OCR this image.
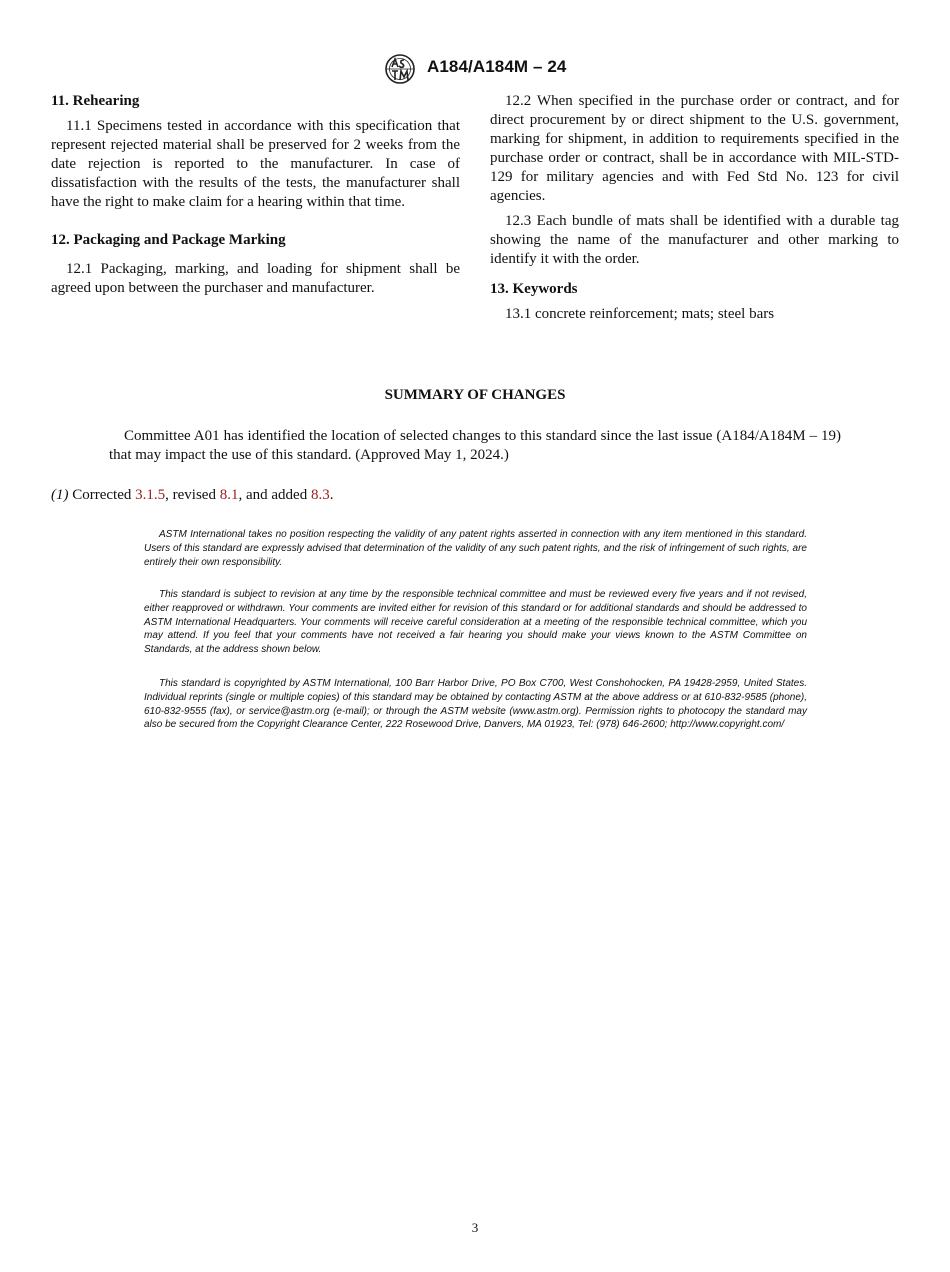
A184/A184M – 24
11. Rehearing

11.1 Specimens tested in accordance with this specification that represent rejected material shall be preserved for 2 weeks from the date rejection is reported to the manufacturer. In case of dissatisfaction with the results of the tests, the manufacturer shall have the right to make claim for a hearing within that time.

12. Packaging and Package Marking

12.1 Packaging, marking, and loading for shipment shall be agreed upon between the purchaser and manufacturer.

12.2 When specified in the purchase order or contract, and for direct procurement by or direct shipment to the U.S. government, marking for shipment, in addition to requirements specified in the purchase order or contract, shall be in accordance with MIL-STD-129 for military agencies and with Fed Std No. 123 for civil agencies.

12.3 Each bundle of mats shall be identified with a durable tag showing the name of the manufacturer and other marking to identify it with the order.

13. Keywords

13.1 concrete reinforcement; mats; steel bars

SUMMARY OF CHANGES
Committee A01 has identified the location of selected changes to this standard since the last issue (A184/A184M – 19) that may impact the use of this standard. (Approved May 1, 2024.)
(1) Corrected 3.1.5, revised 8.1, and added 8.3.
ASTM International takes no position respecting the validity of any patent rights asserted in connection with any item mentioned in this standard. Users of this standard are expressly advised that determination of the validity of any such patent rights, and the risk of infringement of such rights, are entirely their own responsibility.
This standard is subject to revision at any time by the responsible technical committee and must be reviewed every five years and if not revised, either reapproved or withdrawn. Your comments are invited either for revision of this standard or for additional standards and should be addressed to ASTM International Headquarters. Your comments will receive careful consideration at a meeting of the responsible technical committee, which you may attend. If you feel that your comments have not received a fair hearing you should make your views known to the ASTM Committee on Standards, at the address shown below.
This standard is copyrighted by ASTM International, 100 Barr Harbor Drive, PO Box C700, West Conshohocken, PA 19428-2959, United States. Individual reprints (single or multiple copies) of this standard may be obtained by contacting ASTM at the above address or at 610-832-9585 (phone), 610-832-9555 (fax), or service@astm.org (e-mail); or through the ASTM website (www.astm.org). Permission rights to photocopy the standard may also be secured from the Copyright Clearance Center, 222 Rosewood Drive, Danvers, MA 01923, Tel: (978) 646-2600; http://www.copyright.com/
3
